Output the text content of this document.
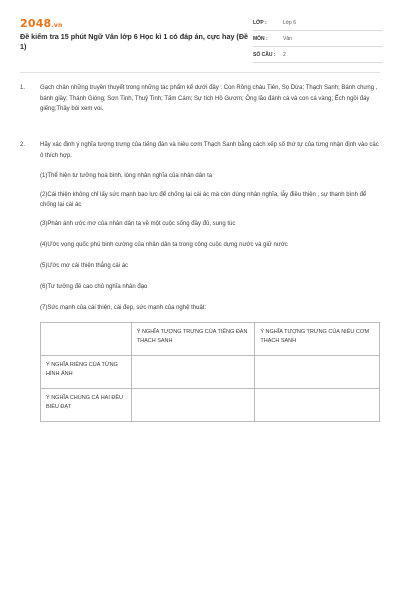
2048.vn
Đề kiểm tra 15 phút Ngữ Văn lớp 6 Học kì 1 có đáp án, cực hay (Đề 1)
LỚP :	Lớp 6
MÔN :	Văn
SỐ CÂU :	2
1. Gạch chân những truyền thuyết trong những tác phẩm kể dưới đây : Con Rồng cháu Tiên, Sọ Dừa; Thạch Sanh; Bánh chưng , bánh giầy; Thánh Gióng; Sơn Tinh, Thuỷ Tinh; Tấm Cám; Sự tích Hồ Gươm; Ông lão đánh cá và con cá vàng; Ếch ngồi đáy giếng;Thầy bói xem voi.
2. Hãy xác định ý nghĩa tượng trưng của tiếng đàn và niêu cơm Thạch Sanh bằng cách xếp số thứ tự của từng nhận định vào các ô thích hợp.
(1)Thể hiện tư tưởng hoà bình, lòng nhân nghĩa của nhân dân ta
(2)Cái thiện không chỉ lấy sức mạnh bạo lực để chống lại cái ác mà còn dùng nhân nghĩa, lẫy điều thiện , sự thanh bình để chống lại cái ác
(3)Phản ánh ước mơ của nhân dân ta về một cuộc sống đầy đủ, sung túc
(4)Ước vọng quốc phú binh cường của nhân dân ta trong công cuộc dựng nước và giữ nước
(5)Ước mơ cái thiện thắng cái ác
(6)Tư tưởng đề cao chủ nghĩa nhân đạo
(7)Sức mạnh của cái thiện, cái đẹp, sức mạnh của nghệ thuật:
	Ý NGHĨA TƯỢNG TRƯNG CỦA TIẾNG ĐÀN THẠCH SANH	Ý NGHĨA TƯỢNG TRƯNG CỦA NIÊU CƠM THẠCH SANH
Ý NGHĨA RIÊNG CỦA TỪNG HÌNH ẢNH		
Ý NGHĨA CHUNG CẢ HAI ĐỀU BIỂU ĐẠT		
